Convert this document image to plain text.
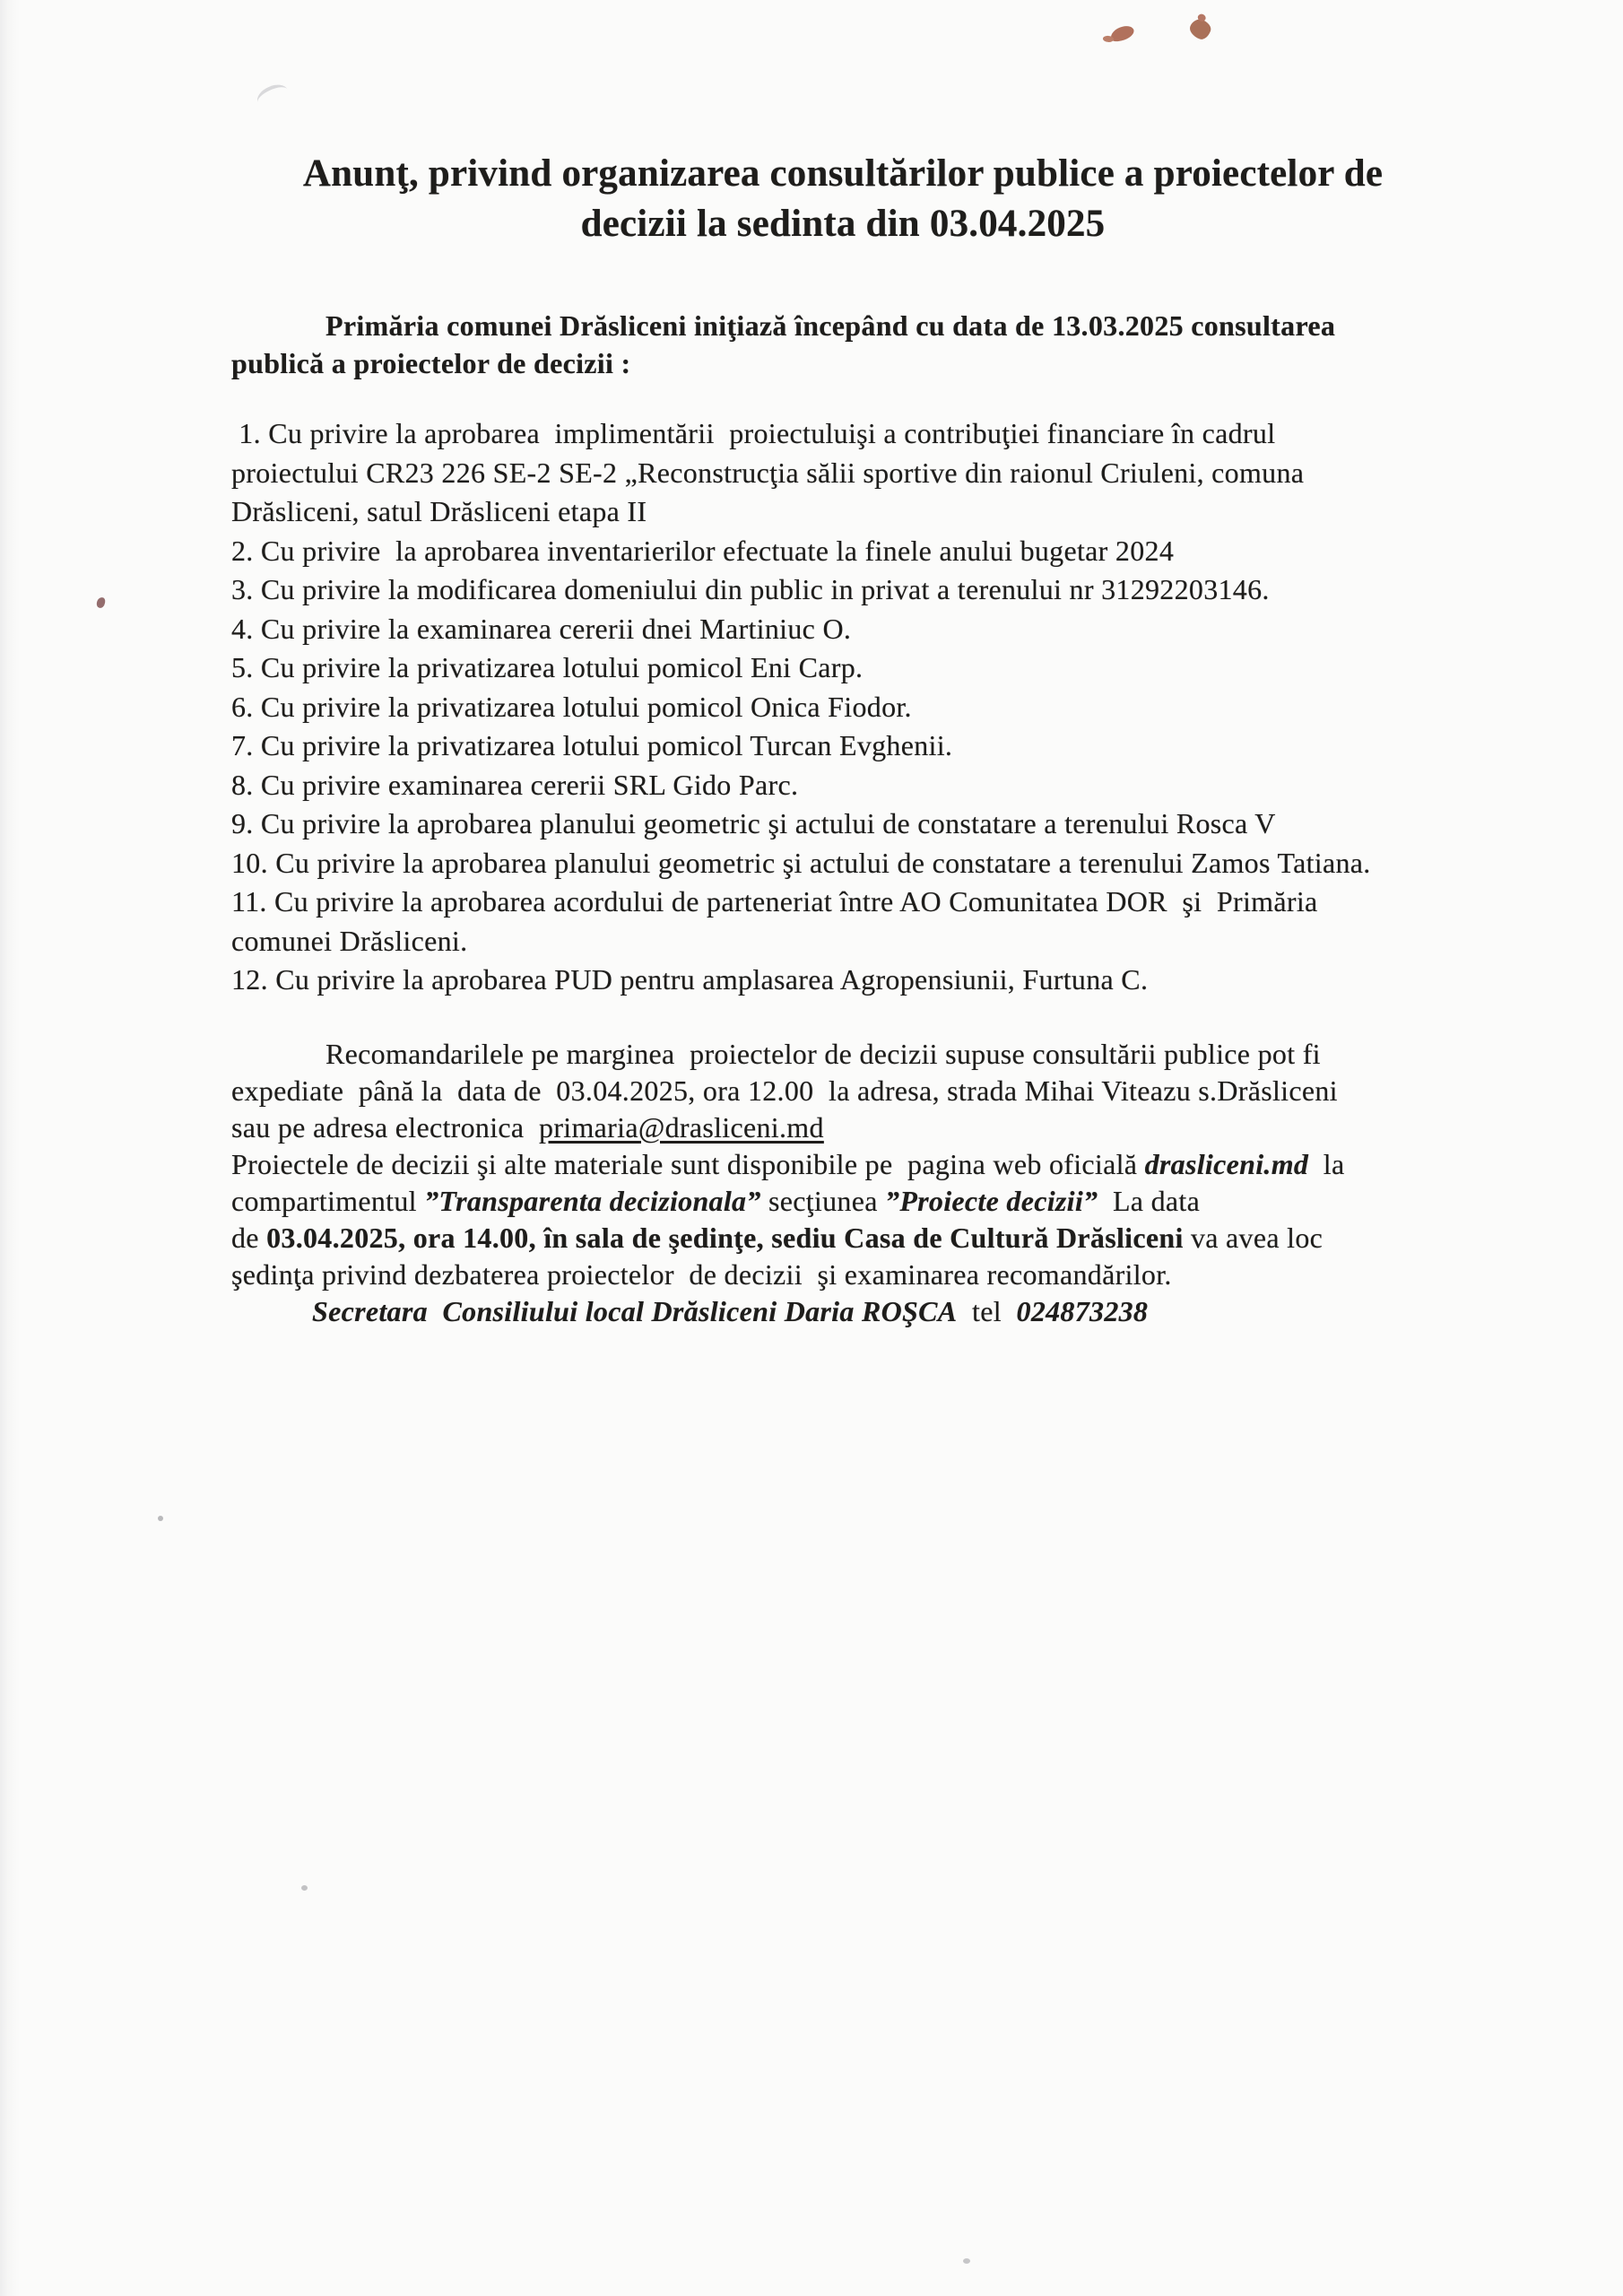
Anunţ, privind organizarea consultărilor publice a proiectelor de
decizii la sedinta din 03.04.2025
Primăria comunei Drăsliceni iniţiază începând cu data de 13.03.2025 consultarea
publică a proiectelor de decizii :
1. Cu privire la aprobarea  implimentării  proiectuluişi a contribuţiei financiare în cadrul
proiectului CR23 226 SE-2 SE-2 „Reconstrucţia sălii sportive din raionul Criuleni, comuna
Drăsliceni, satul Drăsliceni etapa II
2. Cu privire  la aprobarea inventarierilor efectuate la finele anului bugetar 2024
3. Cu privire la modificarea domeniului din public in privat a terenului nr 31292203146.
4. Cu privire la examinarea cererii dnei Martiniuc O.
5. Cu privire la privatizarea lotului pomicol Eni Carp.
6. Cu privire la privatizarea lotului pomicol Onica Fiodor.
7. Cu privire la privatizarea lotului pomicol Turcan Evghenii.
8. Cu privire examinarea cererii SRL Gido Parc.
9. Cu privire la aprobarea planului geometric şi actului de constatare a terenului Rosca V
10. Cu privire la aprobarea planului geometric şi actului de constatare a terenului Zamos Tatiana.
11. Cu privire la aprobarea acordului de parteneriat între AO Comunitatea DOR  şi  Primăria
comunei Drăsliceni.
12. Cu privire la aprobarea PUD pentru amplasarea Agropensiunii, Furtuna C.
Recomandarilele pe marginea  proiectelor de decizii supuse consultării publice pot fi
expediate  până la  data de  03.04.2025, ora 12.00  la adresa, strada Mihai Viteazu s.Drăsliceni
sau pe adresa electronica  primaria@drasliceni.md
Proiectele de decizii şi alte materiale sunt disponibile pe  pagina web oficială drasliceni.md  la
compartimentul ”Transparenta decizionala” secţiunea ”Proiecte decizii”  La data
de 03.04.2025, ora 14.00, în sala de şedinţe, sediu Casa de Cultură Drăsliceni va avea loc
şedinţa privind dezbaterea proiectelor  de decizii  şi examinarea recomandărilor.
Secretara  Consiliului local Drăsliceni Daria ROŞCA  tel  024873238
